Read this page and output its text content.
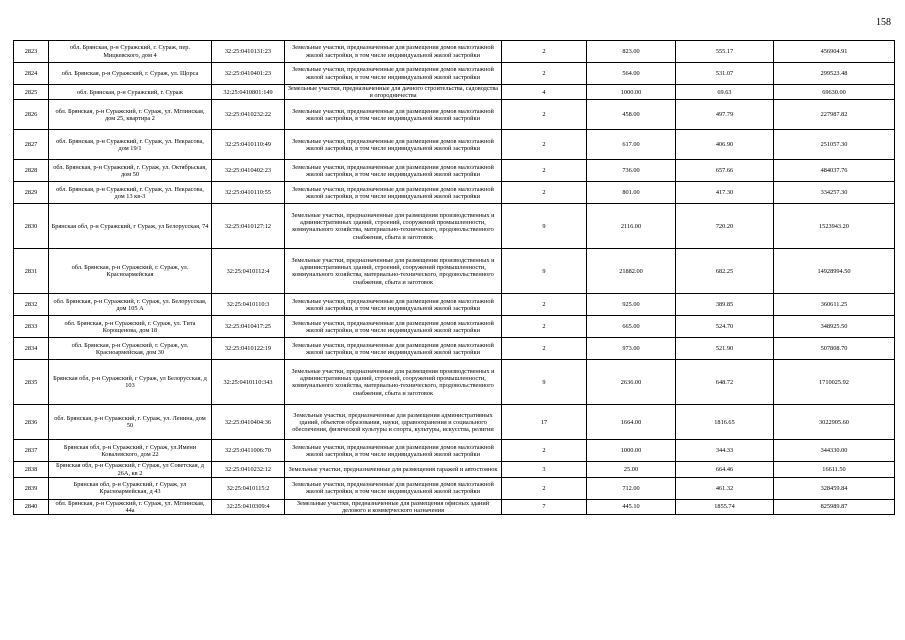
158
2823	обл. Брянская, р-н Суражский, г. Сураж, пер. Мицкевского, дом 4	32:25:0410131:23	Земельные участки, предназначенные для размещения домов малоэтажной жилой застройки, в том числе индивидуальной жилой застройки	2	823.00	555.17	456904.91
2824	обл. Брянская, р-н Суражский, г. Сураж, ул. Щорса	32:25:0410401:23	Земельные участки, предназначенные для размещения домов малоэтажной жилой застройки, в том числе индивидуальной жилой застройки	2	564.00	531.07	299523.48
2825	обл. Брянская, р-н Суражский, г. Сураж	32:25:0410801:149	Земельные участки, предназначенные для дачного строительства, садоводства и огородничества	4	1000.00	69.63	69630.00
2826	обл. Брянская, р-н Суражский, г. Сураж, ул. Мглинская, дом 25, квартира 2	32:25:0410232:22	Земельные участки, предназначенные для размещения домов малоэтажной жилой застройки, в том числе индивидуальной жилой застройки	2	458.00	497.79	227987.82
2827	обл. Брянская, р-н Суражский, г. Сураж, ул. Некрасова, дом 19/1	32:25:0410110:49	Земельные участки, предназначенные для размещения домов малоэтажной жилой застройки, в том числе индивидуальной жилой застройки	2	617.00	406.90	251057.30
2828	обл. Брянская, р-н Суражский, г. Сураж, ул. Октябрьская, дом 50	32:25:0410402:23	Земельные участки, предназначенные для размещения домов малоэтажной жилой застройки, в том числе индивидуальной жилой застройки	2	736.00	657.66	484037.76
2829	обл. Брянская, р-н Суражский, г. Сураж, ул. Некрасова, дом 13 кв-3	32:25:0410110:55	Земельные участки, предназначенные для размещения домов малоэтажной жилой застройки, в том числе индивидуальной жилой застройки	2	801.00	417.30	334257.30
2830	Брянская обл, р-н Суражский, г Сураж, ул Белорусская, 74	32:25:0410127:12	Земельные участки, предназначенные для размещения производственных и административных зданий, строений, сооружений промышленности, коммунального хозяйства, материально-технического, продовольственного снабжения, сбыта и заготовок	9	2116.00	720.20	1523943.20
2831	обл. Брянская, р-н Суражский, г. Сураж, ул. Красноармейская	32:25:0410112:4	Земельные участки, предназначенные для размещения производственных и административных зданий, строений, сооружений промышленности, коммунального хозяйства, материально-технического, продовольственного снабжения, сбыта и заготовок	9	21882.00	682.25	14928994.50
2832	обл. Брянская, р-н Суражский, г. Сураж, ул. Белорусская, дом 105 А	32:25:0410110:3	Земельные участки, предназначенные для размещения домов малоэтажной жилой застройки, в том числе индивидуальной жилой застройки	2	925.00	389.85	360611.25
2833	обл. Брянская, р-н Суражский, г. Сураж, ул. Тита Корощенова, дом 18	32:25:0410417:25	Земельные участки, предназначенные для размещения домов малоэтажной жилой застройки, в том числе индивидуальной жилой застройки	2	665.00	524.70	348925.50
2834	обл. Брянская, р-н Суражский, г. Сураж, ул. Красноармейская, дом 30	32:25:0410122:19	Земельные участки, предназначенные для размещения домов малоэтажной жилой застройки, в том числе индивидуальной жилой застройки	2	973.00	521.90	507808.70
2835	Брянская обл, р-н Суражский, г Сураж, ул Белорусская, д 103	32:25:0410110:343	Земельные участки, предназначенные для размещения производственных и административных зданий, строений, сооружений промышленности, коммунального хозяйства, материально-технического, продовольственного снабжения, сбыта и заготовок	9	2636.00	648.72	1710025.92
2836	обл. Брянская, р-н Суражский, г. Сураж, ул. Ленина, дом 50	32:25:0410404:36	Земельные участки, предназначенные для размещения административных зданий, объектов образования, науки, здравоохранения и социального обеспечения, физической культуры и спорта, культуры, искусства, религии	17	1664.00	1816.65	3022905.60
2837	Брянская обл, р-н Суражский, г Сураж, ул.Имени Ковалевского, дом 22	32:25:0411006:70	Земельные участки, предназначенные для размещения домов малоэтажной жилой застройки, в том числе индивидуальной жилой застройки	2	1000.00	344.33	344330.00
2838	Брянская обл, р-н Суражский, г Сураж, ул Советская, д 26А, кв 2	32:25:0410232:12	Земельные участки, предназначенные для размещения гаражей и автостоянок	3	25.00	664.46	16611.50
2839	Брянская обл, р-н Суражский, г Сураж, ул Красноармейская, д 43	32:25:0410115:2	Земельные участки, предназначенные для размещения домов малоэтажной жилой застройки, в том числе индивидуальной жилой застройки	2	712.00	461.32	328459.84
2840	обл. Брянская, р-н Суражский, г. Сураж, ул. Мглинская, 44а	32:25:0410309:4	Земельные участки, предназначенные для размещения офисных зданий делового и коммерческого назначения	7	445.10	1855.74	825989.87
